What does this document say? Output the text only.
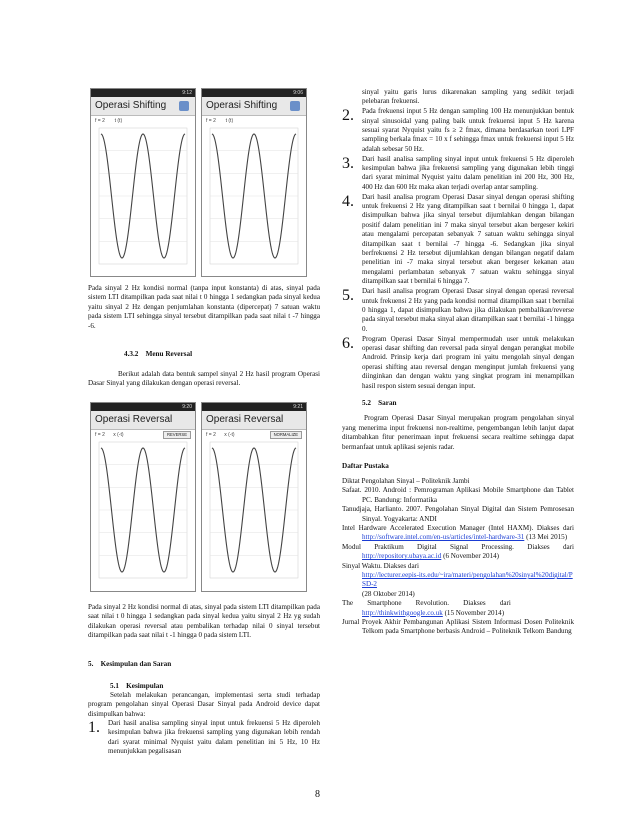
9:12
Operasi Shifting
f = 2 t (t)
9:06
Operasi Shifting
f = 2 t (t)

Pada sinyal 2 Hz kondisi normal (tanpa input konstanta) di atas, sinyal pada sistem LTI ditampilkan pada saat nilai t 0 hingga 1 sedangkan pada sinyal kedua yaitu sinyal 2 Hz dengan penjumlahan konstanta (dipercepat) 7 satuan waktu pada sistem LTI sehingga sinyal tersebut ditampilkan pada saat nilai t -7 hingga -6.

4.3.2 Menu Reversal

Berikut adalah data bentuk sampel sinyal 2 Hz hasil program Operasi Dasar Sinyal yang dilakukan dengan operasi reversal.

9:20
Operasi Reversal
f = 2 x (-t)	REVERSE
9:21
Operasi Reversal
f = 2 x (-t)	NORMALIZE

Pada sinyal 2 Hz kondisi normal di atas, sinyal pada sistem LTI ditampilkan pada saat nilai t 0 hingga 1 sedangkan pada sinyal kedua yaitu sinyal 2 Hz yg sudah dilakukan operasi reversal atau pembalikan terhadap nilai 0 sinyal tersebut ditampilkan pada saat nilai t -1 hingga 0 pada sistem LTI.

5. Kesimpulan dan Saran
5.1 Kesimpulan

Setelah melakukan perancangan, implementasi serta studi terhadap program pengolahan sinyal Operasi Dasar Sinyal pada Android device dapat disimpulkan bahwa:

1. Dari hasil analisa sampling sinyal input untuk frekuensi 5 Hz diperoleh kesimpulan bahwa jika frekuensi sampling yang digunakan lebih rendah dari syarat minimal Nyquist yaitu dalam penelitian ini 5 Hz, 10 Hz menunjukkan pegalisasan

sinyal yaitu garis lurus dikarenakan sampling yang sedikit terjadi pelebaran frekuensi.

2. Pada frekuensi input 5 Hz dengan sampling 100 Hz menunjukkan bentuk sinyal sinusoidal yang paling baik untuk frekuensi input 5 Hz karena sesuai syarat Nyquist yaitu fs ≥ 2 fmax, dimana berdasarkan teori LPF sampling berkala fmax = 10 x f sehingga fmax untuk frekuensi input 5 Hz adalah sebesar 50 Hz.

3. Dari hasil analisa sampling sinyal input untuk frekuensi 5 Hz diperoleh kesimpulan bahwa jika frekuensi sampling yang digunakan lebih tinggi dari syarat minimal Nyquist yaitu dalam penelitian ini 200 Hz, 300 Hz, 400 Hz dan 600 Hz maka akan terjadi overlap antar sampling.

4. Dari hasil analisa program Operasi Dasar sinyal dengan operasi shifting untuk frekuensi 2 Hz yang ditampilkan saat t bernilai 0 hingga 1, dapat disimpulkan bahwa jika sinyal tersebut dijumlahkan dengan bilangan positif dalam penelitian ini 7 maka sinyal tersebut akan bergeser kekiri atau mengalami percepatan sebanyak 7 satuan waktu sehingga sinyal ditampilkan saat t bernilai -7 hingga -6. Sedangkan jika sinyal berfrekuensi 2 Hz tersebut dijumlahkan dengan bilangan negatif dalam penelitian ini -7 maka sinyal tersebut akan bergeser kekanan atau mengalami perlambatan sebanyak 7 satuan waktu sehingga sinyal ditampilkan saat t bernilai 6 hingga 7.

5. Dari hasil analisa program Operasi Dasar sinyal dengan operasi reversal untuk frekuensi 2 Hz yang pada kondisi normal ditampilkan saat t bernilai 0 hingga 1, dapat disimpulkan bahwa jika dilakukan pembalikan/reverse pada sinyal tersebut maka sinyal akan ditampilkan saat t bernilai -1 hingga 0.

6. Program Operasi Dasar Sinyal mempermudah user untuk melakukan operasi dasar shifting dan reversal pada sinyal dengan perangkat mobile Android. Prinsip kerja dari program ini yaitu mengolah sinyal dengan operasi shifting atau reversal dengan menginput jumlah frekuensi yang diinginkan dan dengan waktu yang singkat program ini menampilkan hasil respon sistem sesuai dengan input.

5.2 Saran

Program Operasi Dasar Sinyal merupakan program pengolahan sinyal yang menerima input frekuensi non-realtime, pengembangan lebih lanjut dapat ditambahkan fitur penerimaan input frekuensi secara realtime sehingga dapat bermanfaat untuk aplikasi sejenis radar.

Daftar Pustaka
Diktat Pengolahan Sinyal – Politeknik Jambi
Safaat. 2010. Android : Pemrograman Aplikasi Mobile Smartphone dan Tablet PC. Bandung: Informatika
Tanudjaja, Harlianto. 2007. Pengolahan Sinyal Digital dan Sistem Pemrosesan Sinyal. Yogyakarta: ANDI
Intel Hardware Accelerated Execution Manager (Intel HAXM). Diakses dari http://software.intel.com/en-us/articles/intel-hardware-31 (13 Mei 2015)
Modul Praktikum Digital Signal Processing. Diakses dari http://repository.ubaya.ac.id (6 November 2014)
Sinyal Waktu. Diakses dari
http://lecturer.eepis-its.edu/~ira/materi/pengolahan%20sinyal%20digital/PSD-2
(28 Oktober 2014)
The  Smartphone  Revolution.  Diakses  dari
http://thinkwithgoogle.co.uk (15 November 2014)
Jurnal Proyek Akhir Pembangunan Aplikasi Sistem Informasi Dosen Politeknik Telkom pada Smartphone berbasis Android – Politeknik Telkom Bandung
8
